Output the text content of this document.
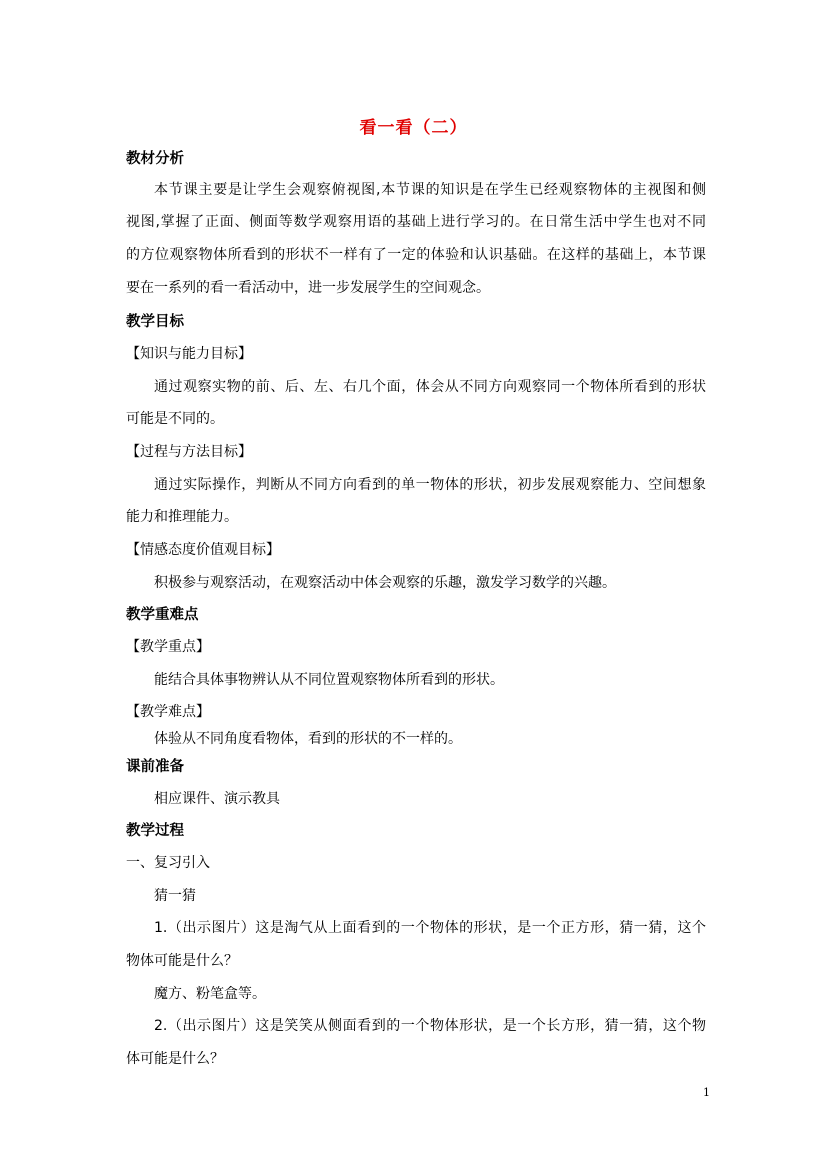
看一看（二）
教材分析
本节课主要是让学生会观察俯视图,本节课的知识是在学生已经观察物体的主视图和侧
视图,掌握了正面、侧面等数学观察用语的基础上进行学习的。在日常生活中学生也对不同
的方位观察物体所看到的形状不一样有了一定的体验和认识基础。在这样的基础上，本节课
要在一系列的看一看活动中，进一步发展学生的空间观念。
教学目标
【知识与能力目标】
通过观察实物的前、后、左、右几个面，体会从不同方向观察同一个物体所看到的形状
可能是不同的。
【过程与方法目标】
通过实际操作，判断从不同方向看到的单一物体的形状，初步发展观察能力、空间想象
能力和推理能力。
【情感态度价值观目标】
积极参与观察活动，在观察活动中体会观察的乐趣，激发学习数学的兴趣。
教学重难点
【教学重点】
能结合具体事物辨认从不同位置观察物体所看到的形状。
【教学难点】
体验从不同角度看物体，看到的形状的不一样的。
课前准备
相应课件、演示教具
教学过程
一、复习引入
猜一猜
1.（出示图片）这是淘气从上面看到的一个物体的形状，是一个正方形，猜一猜，这个
物体可能是什么？
魔方、粉笔盒等。
2.（出示图片）这是笑笑从侧面看到的一个物体形状，是一个长方形，猜一猜，这个物
体可能是什么？
1
